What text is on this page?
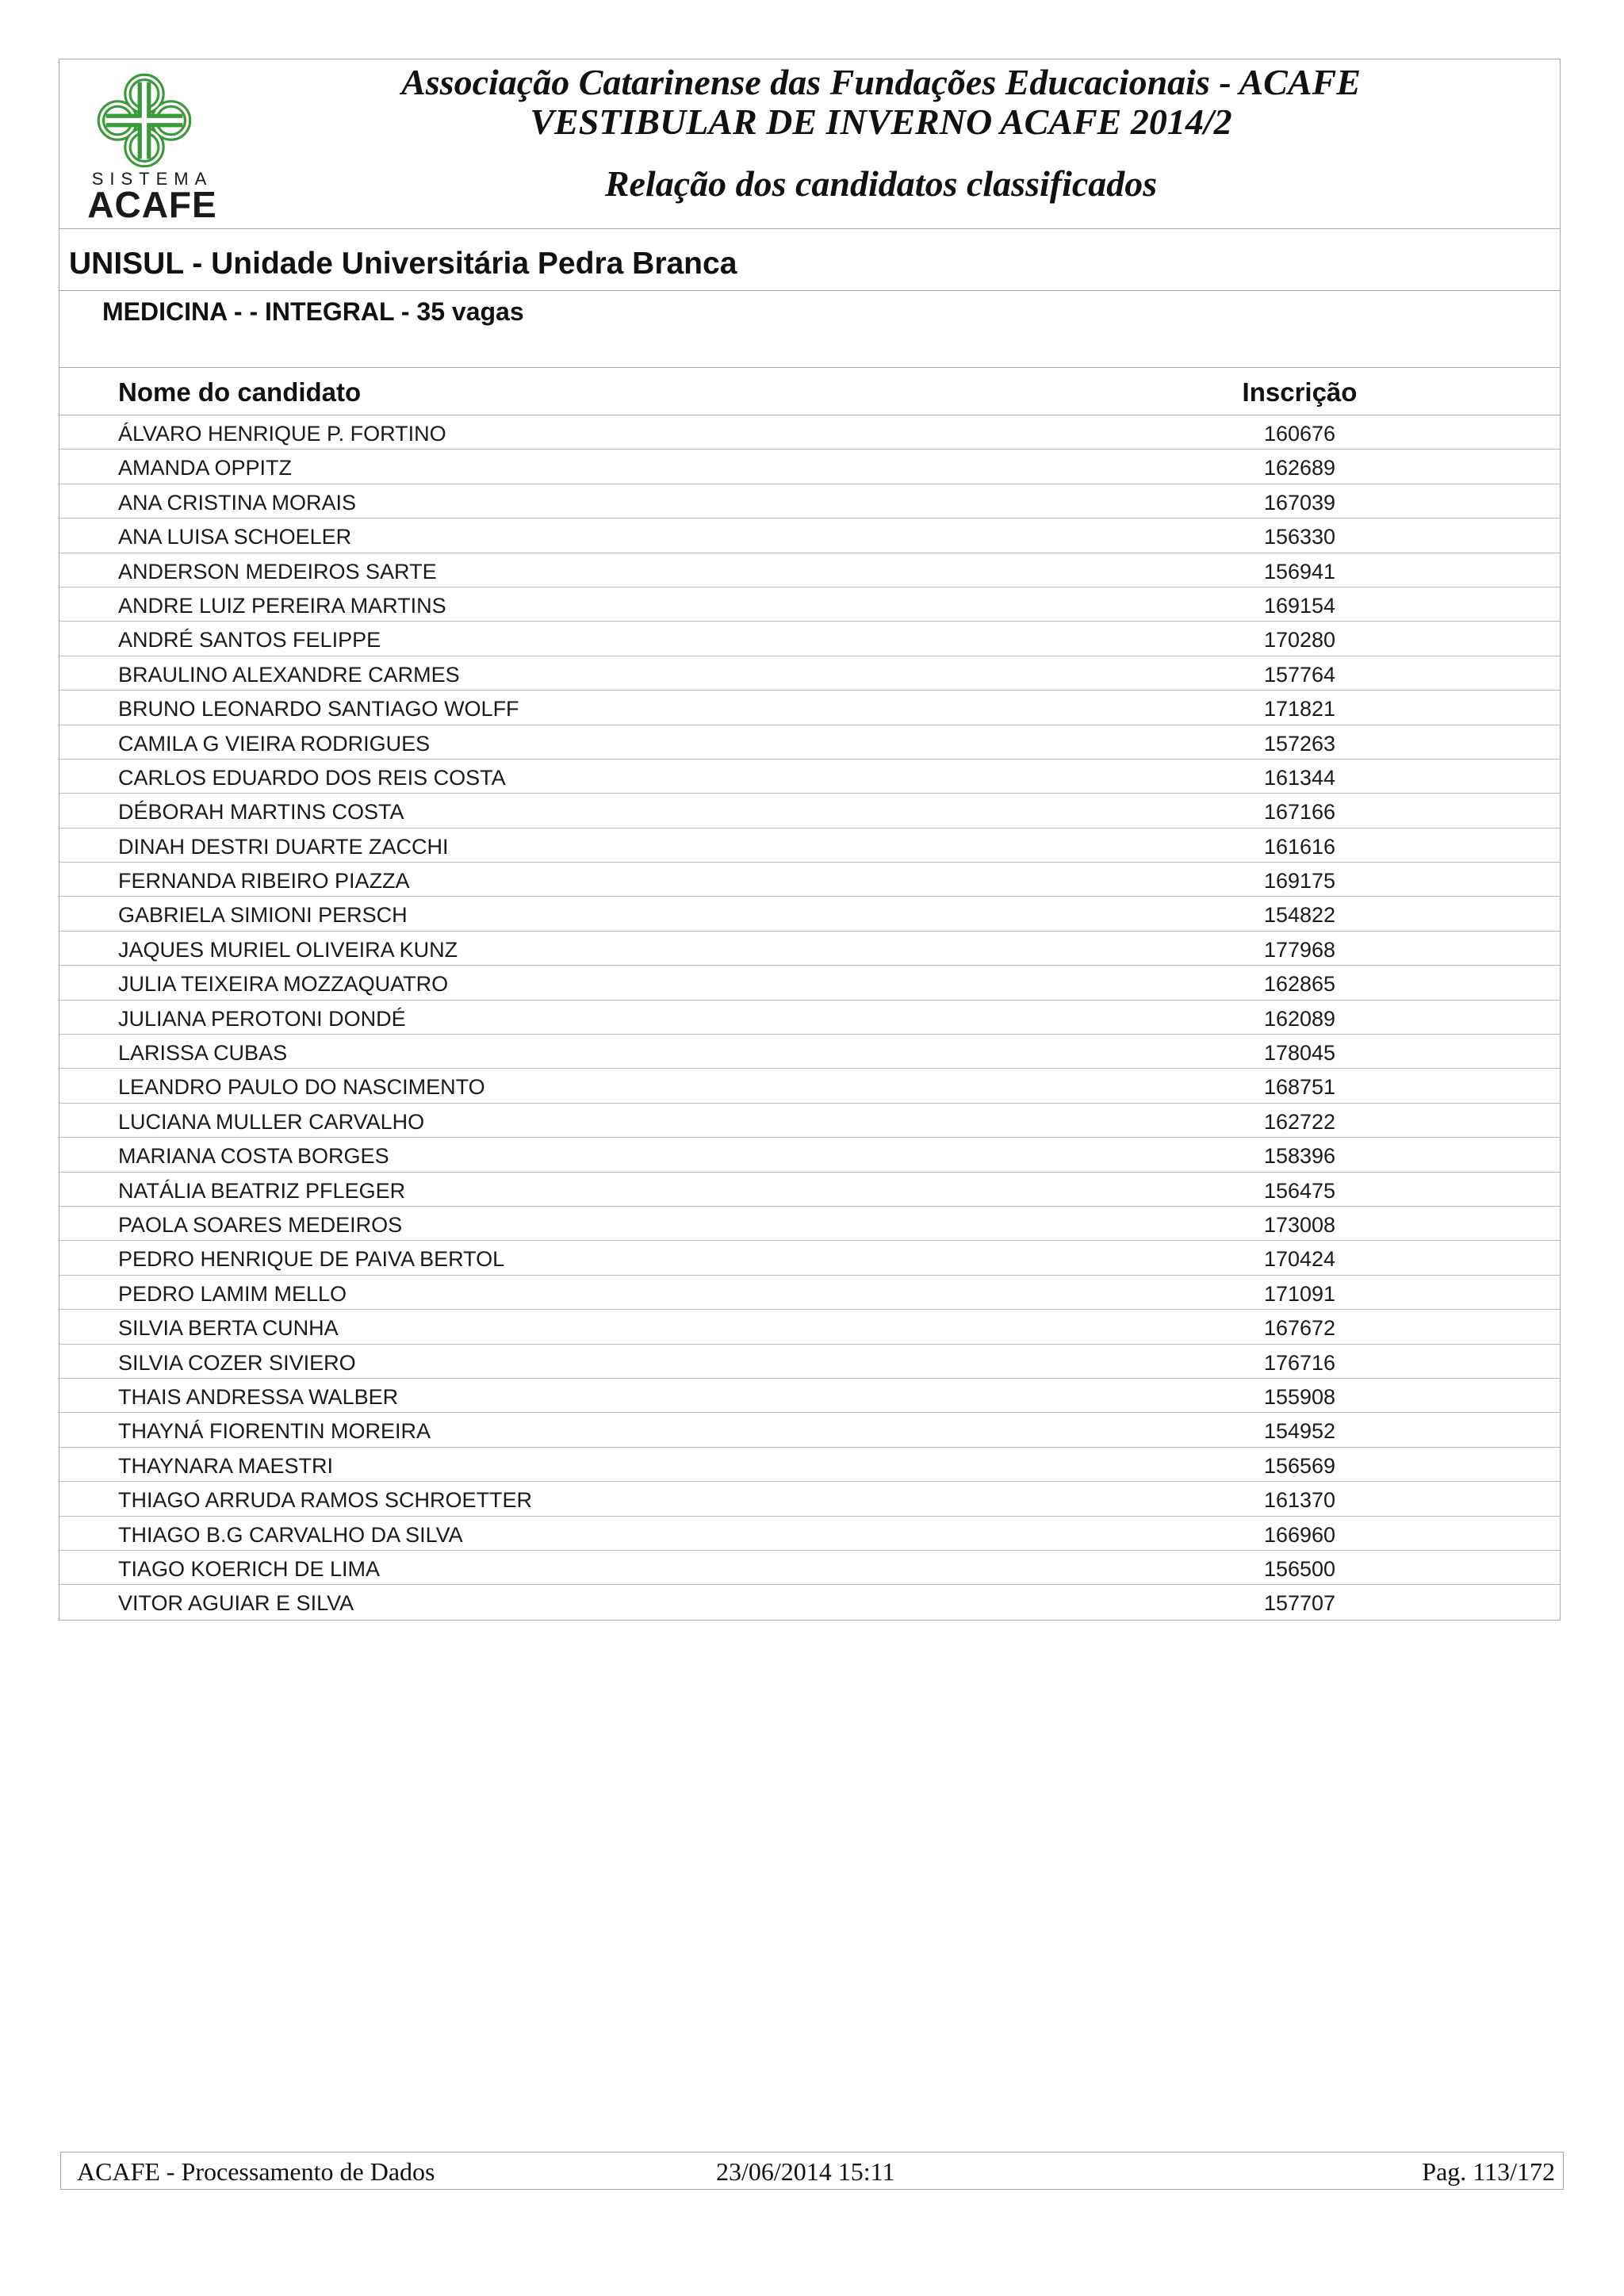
SISTEMA
ACAFE
Associação Catarinense das Fundações Educacionais - ACAFE
VESTIBULAR DE INVERNO ACAFE 2014/2
Relação dos candidatos classificados
UNISUL - Unidade Universitária Pedra Branca
MEDICINA - - INTEGRAL - 35 vagas
Nome do candidato	Inscrição
ÁLVARO HENRIQUE P. FORTINO	160676
AMANDA OPPITZ	162689
ANA CRISTINA MORAIS	167039
ANA LUISA SCHOELER	156330
ANDERSON MEDEIROS SARTE	156941
ANDRE LUIZ PEREIRA MARTINS	169154
ANDRÉ SANTOS FELIPPE	170280
BRAULINO ALEXANDRE CARMES	157764
BRUNO LEONARDO SANTIAGO WOLFF	171821
CAMILA G VIEIRA RODRIGUES	157263
CARLOS EDUARDO DOS REIS COSTA	161344
DÉBORAH MARTINS COSTA	167166
DINAH DESTRI DUARTE ZACCHI	161616
FERNANDA RIBEIRO PIAZZA	169175
GABRIELA SIMIONI PERSCH	154822
JAQUES MURIEL OLIVEIRA KUNZ	177968
JULIA TEIXEIRA MOZZAQUATRO	162865
JULIANA PEROTONI DONDÉ	162089
LARISSA CUBAS	178045
LEANDRO PAULO DO NASCIMENTO	168751
LUCIANA MULLER CARVALHO	162722
MARIANA COSTA BORGES	158396
NATÁLIA BEATRIZ PFLEGER	156475
PAOLA SOARES MEDEIROS	173008
PEDRO HENRIQUE DE PAIVA BERTOL	170424
PEDRO LAMIM MELLO	171091
SILVIA BERTA CUNHA	167672
SILVIA COZER SIVIERO	176716
THAIS ANDRESSA WALBER	155908
THAYNÁ FIORENTIN MOREIRA	154952
THAYNARA MAESTRI	156569
THIAGO ARRUDA RAMOS SCHROETTER	161370
THIAGO B.G CARVALHO DA SILVA	166960
TIAGO KOERICH DE LIMA	156500
VITOR AGUIAR E SILVA	157707
ACAFE - Processamento de Dados	23/06/2014 15:11	Pag. 113/172
